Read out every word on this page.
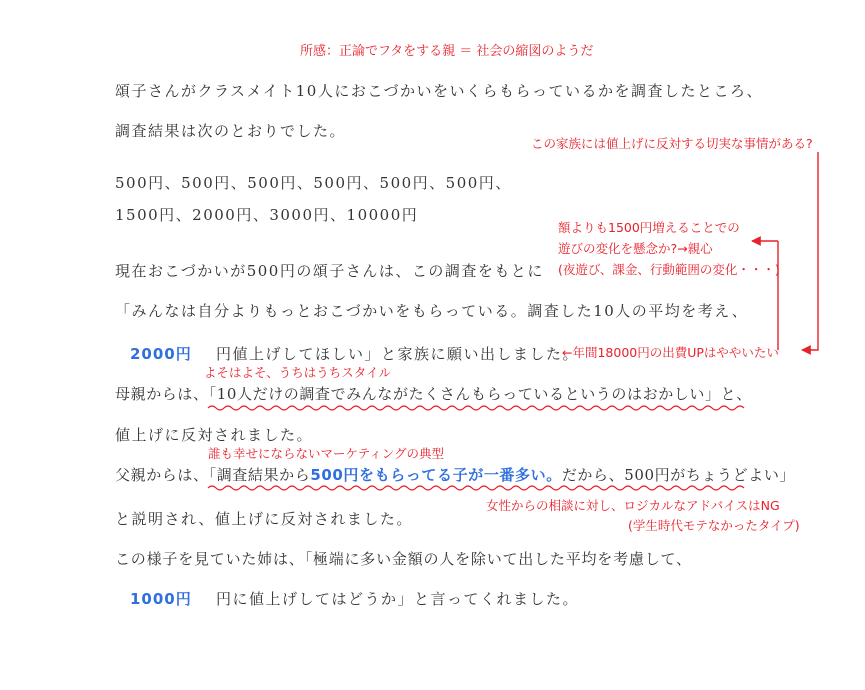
所感：正論でフタをする親 ＝ 社会の縮図のようだ

頌子さんがクラスメイト10人におこづかいをいくらもらっているかを調査したところ、

調査結果は次のとおりでした。

500円、500円、500円、500円、500円、500円、

1500円、2000円、3000円、10000円

現在おこづかいが500円の頌子さんは、この調査をもとに

「みんなは自分よりもっとおこづかいをもらっている。調査した10人の平均を考え、

2000円 円値上げしてほしい」と家族に願い出しました。

母親からは、「10人だけの調査でみんながたくさんもらっているというのはおかしい」と、

値上げに反対されました。

父親からは、「調査結果から500円をもらってる子が一番多い。だから、500円がちょうどよい」

と説明され、値上げに反対されました。

この様子を見ていた姉は、「極端に多い金額の人を除いて出した平均を考慮して、

1000円 円に値上げしてはどうか」と言ってくれました。

この家族には値上げに反対する切実な事情がある?
額よりも1500円増えることでの
遊びの変化を懸念か?→親心
(夜遊び、課金、行動範囲の変化・・・)
←年間18000円の出費UPはややいたい
よそはよそ、うちはうちスタイル
誰も幸せにならないマーケティングの典型
女性からの相談に対し、ロジカルなアドバイスはNG
(学生時代モテなかったタイプ)
